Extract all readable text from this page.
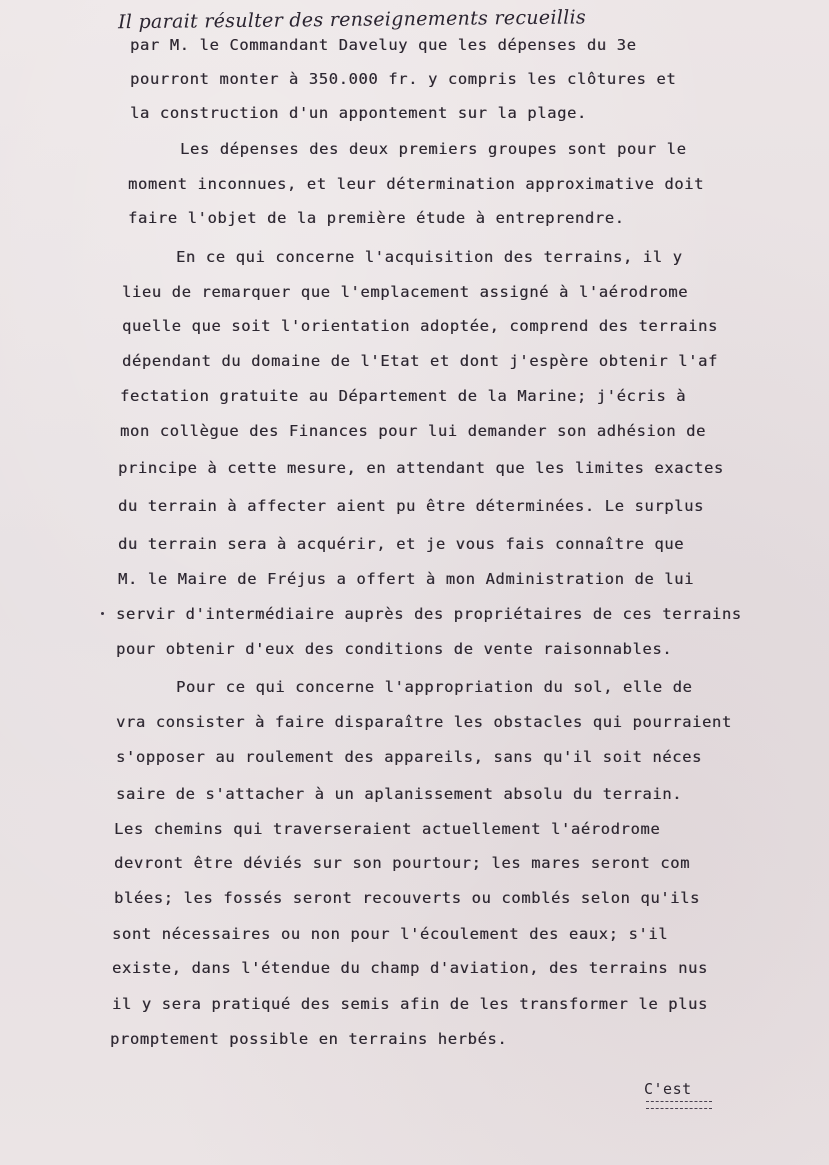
Il parait résulter des renseignements recueillis
par M. le Commandant Daveluy que les dépenses du 3e
pourront monter à 350.000 fr. y compris les clôtures et
la construction d'un appontement sur la plage.
Les dépenses des deux premiers groupes sont pour le
moment inconnues, et leur détermination approximative doit
faire l'objet de la première étude à entreprendre.
En ce qui concerne l'acquisition des terrains, il y
lieu de remarquer que l'emplacement assigné à l'aérodrome
quelle que soit l'orientation adoptée, comprend des terrains
dépendant du domaine de l'Etat et dont j'espère obtenir l'af
fectation gratuite au Département de la Marine; j'écris à
mon collègue des Finances pour lui demander son adhésion de
principe à cette mesure, en attendant que les limites exactes
du terrain à affecter aient pu être déterminées. Le surplus
du terrain sera à acquérir, et je vous fais connaître que
M. le Maire de Fréjus a offert à mon Administration de lui
servir d'intermédiaire auprès des propriétaires de ces terrains
pour obtenir d'eux des conditions de vente raisonnables.
Pour ce qui concerne l'appropriation du sol, elle de
vra consister à faire disparaître les obstacles qui pourraient
s'opposer au roulement des appareils, sans qu'il soit néces
saire de s'attacher à un aplanissement absolu du terrain.
Les chemins qui traverseraient actuellement l'aérodrome
devront être déviés sur son pourtour; les mares seront com
blées; les fossés seront recouverts ou comblés selon qu'ils
sont nécessaires ou non pour l'écoulement des eaux; s'il
existe, dans l'étendue du champ d'aviation, des terrains nus
il y sera pratiqué des semis afin de les transformer le plus
promptement possible en terrains herbés.
C'est
